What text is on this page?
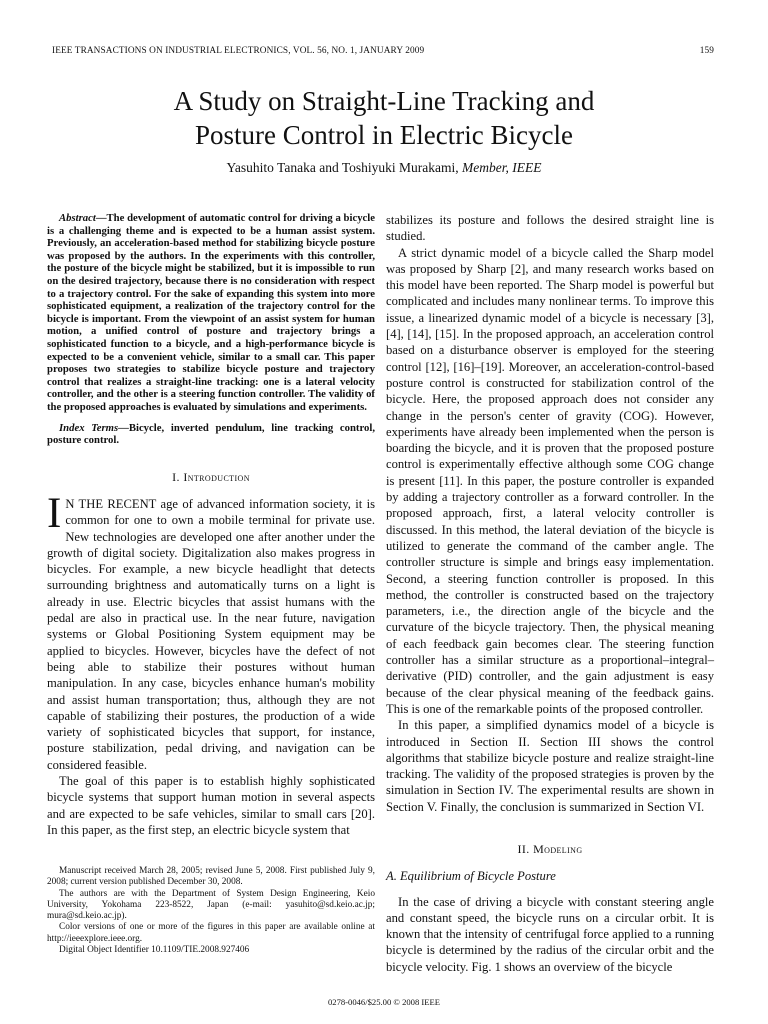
IEEE TRANSACTIONS ON INDUSTRIAL ELECTRONICS, VOL. 56, NO. 1, JANUARY 2009	159
A Study on Straight-Line Tracking and
Posture Control in Electric Bicycle
Yasuhito Tanaka and Toshiyuki Murakami, Member, IEEE

Abstract—The development of automatic control for driving a bicycle is a challenging theme and is expected to be a human assist system. Previously, an acceleration-based method for stabilizing bicycle posture was proposed by the authors. In the experiments with this controller, the posture of the bicycle might be stabilized, but it is impossible to run on the desired trajectory, because there is no consideration with respect to a trajectory control. For the sake of expanding this system into more sophisticated equipment, a realization of the trajectory control for the bicycle is important. From the viewpoint of an assist system for human motion, a unified control of posture and trajectory brings a sophisticated function to a bicycle, and a high-performance bicycle is expected to be a convenient vehicle, similar to a small car. This paper proposes two strategies to stabilize bicycle posture and trajectory control that realizes a straight-line tracking: one is a lateral velocity controller, and the other is a steering function controller. The validity of the proposed approaches is evaluated by simulations and experiments.

Index Terms—Bicycle, inverted pendulum, line tracking control, posture control.

I. Introduction

I N THE RECENT age of advanced information society, it is common for one to own a mobile terminal for private use. New technologies are developed one after another under the growth of digital society. Digitalization also makes progress in bicycles. For example, a new bicycle headlight that detects surrounding brightness and automatically turns on a light is already in use. Electric bicycles that assist humans with the pedal are also in practical use. In the near future, navigation systems or Global Positioning System equipment may be applied to bicycles. However, bicycles have the defect of not being able to stabilize their postures without human manipulation. In any case, bicycles enhance human's mobility and assist human transportation; thus, although they are not capable of stabilizing their postures, the production of a wide variety of sophisticated bicycles that support, for instance, posture stabilization, pedal driving, and navigation can be considered feasible.

The goal of this paper is to establish highly sophisticated bicycle systems that support human motion in several aspects and are expected to be safe vehicles, similar to small cars [20]. In this paper, as the first step, an electric bicycle system that

stabilizes its posture and follows the desired straight line is studied.

A strict dynamic model of a bicycle called the Sharp model was proposed by Sharp [2], and many research works based on this model have been reported. The Sharp model is powerful but complicated and includes many nonlinear terms. To improve this issue, a linearized dynamic model of a bicycle is necessary [3], [4], [14], [15]. In the proposed approach, an acceleration control based on a disturbance observer is employed for the steering control [12], [16]–[19]. Moreover, an acceleration-control-based posture control is constructed for stabilization control of the bicycle. Here, the proposed approach does not consider any change in the person's center of gravity (COG). However, experiments have already been implemented when the person is boarding the bicycle, and it is proven that the proposed posture control is experimentally effective although some COG change is present [11]. In this paper, the posture controller is expanded by adding a trajectory controller as a forward controller. In the proposed approach, first, a lateral velocity controller is discussed. In this method, the lateral deviation of the bicycle is utilized to generate the command of the camber angle. The controller structure is simple and brings easy implementation. Second, a steering function controller is proposed. In this method, the controller is constructed based on the trajectory parameters, i.e., the direction angle of the bicycle and the curvature of the bicycle trajectory. Then, the physical meaning of each feedback gain becomes clear. The steering function controller has a similar structure as a proportional–integral–derivative (PID) controller, and the gain adjustment is easy because of the clear physical meaning of the feedback gains. This is one of the remarkable points of the proposed controller.

In this paper, a simplified dynamics model of a bicycle is introduced in Section II. Section III shows the control algorithms that stabilize bicycle posture and realize straight-line tracking. The validity of the proposed strategies is proven by the simulation in Section IV. The experimental results are shown in Section V. Finally, the conclusion is summarized in Section VI.

II. Modeling

A. Equilibrium of Bicycle Posture

In the case of driving a bicycle with constant steering angle and constant speed, the bicycle runs on a circular orbit. It is known that the intensity of centrifugal force applied to a running bicycle is determined by the radius of the circular orbit and the bicycle velocity. Fig. 1 shows an overview of the bicycle

Manuscript received March 28, 2005; revised June 5, 2008. First published July 9, 2008; current version published December 30, 2008.

The authors are with the Department of System Design Engineering, Keio University, Yokohama 223-8522, Japan (e-mail: yasuhito@sd.keio.ac.jp; mura@sd.keio.ac.jp).

Color versions of one or more of the figures in this paper are available online at http://ieeexplore.ieee.org.

Digital Object Identifier 10.1109/TIE.2008.927406

0278-0046/$25.00 © 2008 IEEE
